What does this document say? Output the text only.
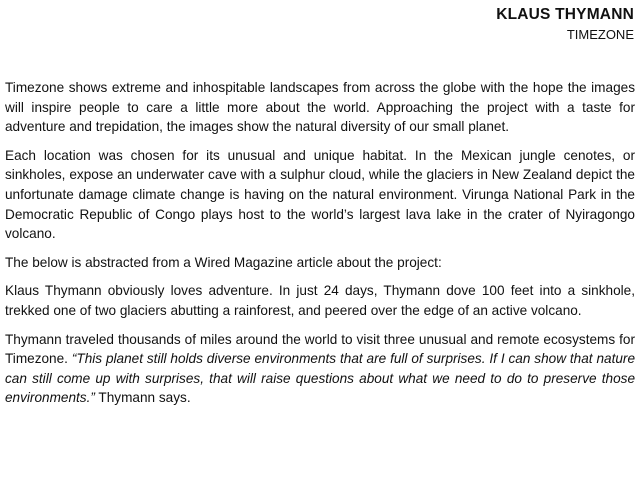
KLAUS THYMANN
TIMEZONE

Timezone shows extreme and inhospitable landscapes from across the globe with the hope the images will inspire people to care a little more about the world. Approaching the project with a taste for adventure and trepidation, the images show the natural diversity of our small planet.

Each location was chosen for its unusual and unique habitat. In the Mexican jungle cenotes, or sinkholes, expose an underwater cave with a sulphur cloud, while the glaciers in New Zealand depict the unfortunate damage climate change is having on the natural environment. Virunga National Park in the Democratic Republic of Congo plays host to the world’s largest lava lake in the crater of Nyiragongo volcano.

The below is abstracted from a Wired Magazine article about the project:

Klaus Thymann obviously loves adventure. In just 24 days, Thymann dove 100 feet into a sinkhole, trekked one of two glaciers abutting a rainforest, and peered over the edge of an active volcano.

Thymann traveled thousands of miles around the world to visit three unusual and remote ecosystems for Timezone. “This planet still holds diverse environments that are full of surprises. If I can show that nature can still come up with surprises, that will raise questions about what we need to do to preserve those environments.” Thymann says.
